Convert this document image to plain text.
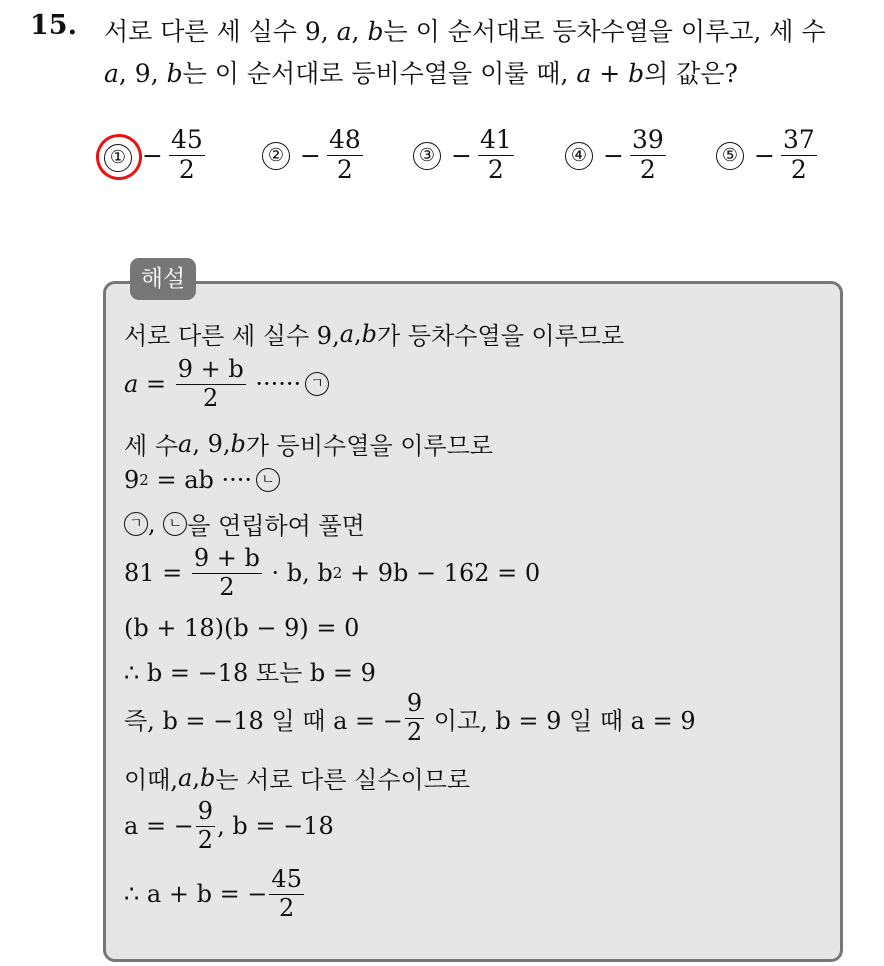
15. 서로 다른 세 실수 9, a, b는 이 순서대로 등차수열을 이루고, 세 수
a, 9, b는 이 순서대로 등비수열을 이룰 때, a + b의 값은?
① − $\frac{45}{2}$	② − $\frac{48}{2}$	③ − $\frac{41}{2}$	④ − $\frac{39}{2}$	⑤ − $\frac{37}{2}$
해설
서로 다른 세 실수 9, a , b 가 등차수열을 이루므로
$a = \frac{9 + b}{2}$ ······ ㄱ
세 수 a , 9, b 가 등비수열을 이루므로
9 2 = ab ···· ㄴ
ㄱ , ㄴ 을 연립하여 풀면
$81 = \frac{9 + b}{2} \cdot b$, b 2 + 9b − 162 = 0
(b + 18)(b − 9) = 0
∴ b = −18 또는 b = 9
즉, b = −18 일 때 a = − $\frac{9}{2}$ 이고, b = 9 일 때 a = 9
이때, a , b 는 서로 다른 실수이므로
a = − $\frac{9}{2}$ , b = −18
∴ a + b = − $\frac{45}{2}$
